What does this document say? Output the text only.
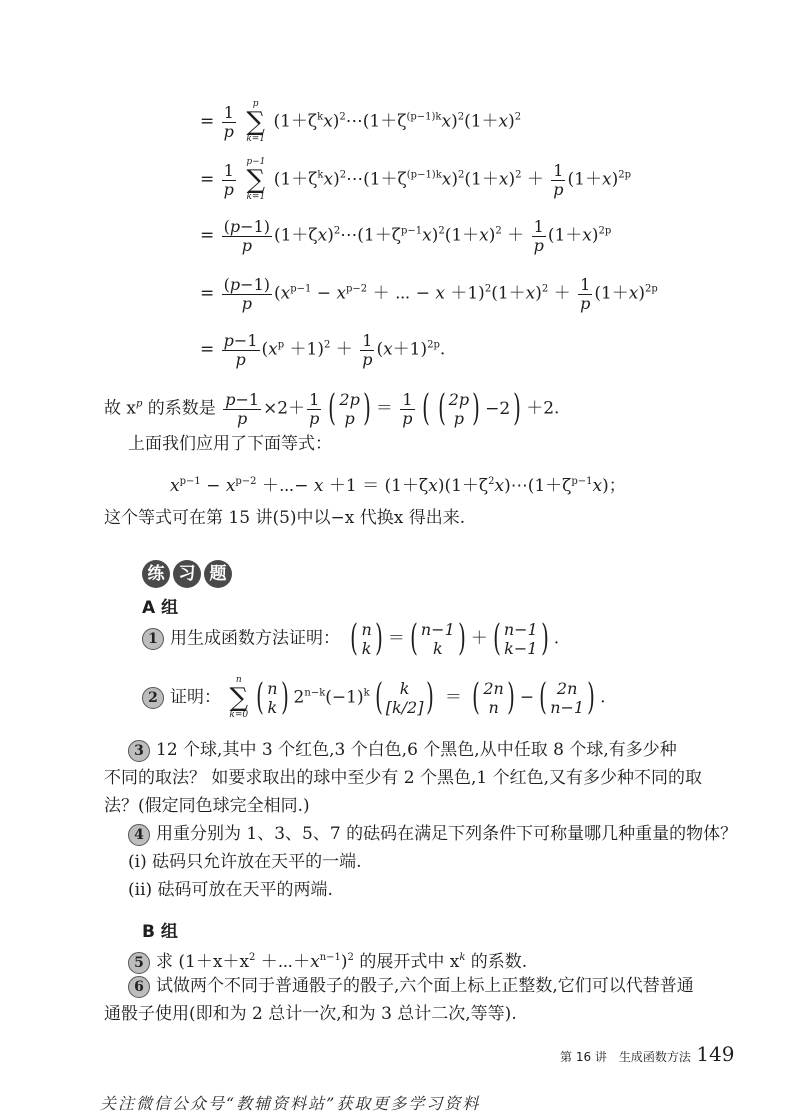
= $\frac{1}{p}$
p
∑
k=1
$(1+\zeta^kx)^2\cdots(1+\zeta^{(p-1)k}x)^2(1+x)^2$
= $\frac{1}{p}$
p−1
∑
k=1
$(1+\zeta^kx)^2\cdots(1+\zeta^{(p-1)k}x)^2(1+x)^2 + \frac{1}{p} (1+x)^{2p}$
= $\frac{(p-1)}{p}$ $(1+\zeta x)^2\cdots(1+\zeta^{p-1}x)^2(1+x)^2 + \frac{1}{p} (1+x)^{2p}$
= $\frac{(p-1)}{p} (x^{p-1} - x^{p-2}$ ＋ ⋯ − $x +1)^2(1+x)^2 + \frac{1}{p} (1+x)^{2p}$
= $\frac{p-1}{p} (x^p +1)^2 + \frac{1}{p} (x+1)^{2p}$.
故 $x^p$ 的系数是 $\frac{p-1}{p} \times 2+ \frac{1}{p}$ ( 2p
p ) ＝ $\frac{1}{p}$ ( ( 2p
p ) −2 ) ＋2.
上面我们应用了下面等式：
$x^{p-1} - x^{p-2}$ ＋⋯− $x +1 = (1+\zeta x)(1+\zeta^2x)\cdots(1+\zeta^{p-1}x)$；
这个等式可在第 15 讲(5)中以−x 代换x 得出来.
练 习 题
A 组
1 用生成函数方法证明： ( n
k ) ＝ ( n−1
k ) ＋ ( n−1
k−1 ) .
2 证明：
n
∑
k=0 ( n
k ) $2^{n-k}(-1)^k$ ( k
[k/2] ) ＝ ( 2n
n ) − ( 2n
n−1 ) .
3 12 个球,其中 3 个红色,3 个白色,6 个黑色,从中任取 8 个球,有多少种
不同的取法？ 如要求取出的球中至少有 2 个黑色,1 个红色,又有多少种不同的取
法？(假定同色球完全相同.)
4 用重分别为 1、3、5、7 的砝码在满足下列条件下可称量哪几种重量的物体？
(i) 砝码只允许放在天平的一端.
(ii) 砝码可放在天平的两端.
B 组
5 求 ($1+x+x^2$ $+\cdots+x^{n-1})^2$ 的展开式中 $x^k$ 的系数.
6 试做两个不同于普通骰子的骰子,六个面上标上正整数,它们可以代替普通
通骰子使用(即和为 2 总计一次,和为 3 总计二次,等等).
第 16 讲　生成函数方法 149
关注微信公众号“教辅资料站”获取更多学习资料
